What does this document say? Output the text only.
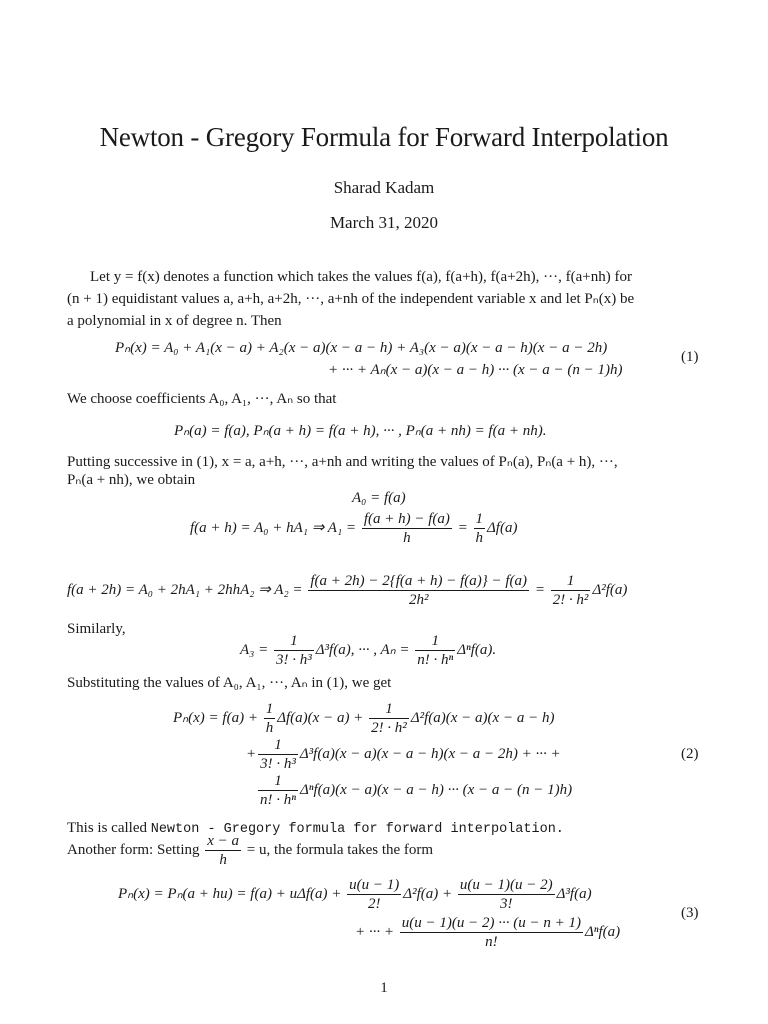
Newton - Gregory Formula for Forward Interpolation
Sharad Kadam
March 31, 2020
Let y = f(x) denotes a function which takes the values f(a), f(a+h), f(a+2h), ···, f(a+nh) for
(n + 1) equidistant values a, a+h, a+2h, ···, a+nh of the independent variable x and let Pₙ(x) be
a polynomial in x of degree n. Then
Pₙ(x) = A₀ + A₁(x − a) + A₂(x − a)(x − a − h) + A₃(x − a)(x − a − h)(x − a − 2h)
+ ··· + Aₙ(x − a)(x − a − h) ··· (x − a − (n − 1)h)
(1)
We choose coefficients A₀, A₁, ···, Aₙ so that
Pₙ(a) = f(a), Pₙ(a + h) = f(a + h), ··· , Pₙ(a + nh) = f(a + nh).
Putting successive in (1), x = a, a+h, ···, a+nh and writing the values of Pₙ(a), Pₙ(a + h), ···,
Pₙ(a + nh), we obtain
A₀ = f(a)
f(a + h) = A₀ + hA₁ ⇒ $A_1 = \frac{f(a + h) - f(a)}{h} = \frac{1}{h} \Delta f(a)$
f(a + 2h) = A₀ + 2hA₁ + 2hhA₂ ⇒ $A_2 = \frac{f(a + 2h) - 2\{f(a + h) - f(a)\} - f(a)}{\text{2h²}} = \frac{1}{\text{2! · h²}} \Delta^2f(a)$
Similarly,
$A_3 = \frac{1}{\text{3! · h³}} \Delta^3f(a)$, ··· , $A_n = \frac{1}{\text{n! · hⁿ}} \Delta^nf(a)$.
Substituting the values of A₀, A₁, ···, Aₙ in (1), we get
$P_n(x) = f(a) + \frac{1}{h} \Delta f(a)(x - a) + \frac{1}{\text{2! · h²}} \Delta^2f(a)(x - a)(x - a - h)$
+ $\frac{1}{\text{3! · h³}} \Delta^3f(a)(x - a)(x - a - h)(x - a - 2h)$ + ··· +
$\frac{1}{\text{n! · hⁿ}} \Delta^nf(a)(x - a)(x - a - h)$ ··· (x − a − (n − 1)h)
(2)
This is called Newton - Gregory formula for forward interpolation.
Another form: Setting $\frac{x - a}{h} = u$, the formula takes the form
$P_n(x) = P_n(a + hu) = f(a) + u\Delta f(a) + \frac{u(u - 1)}{2!} \Delta^2f(a) + \frac{u(u - 1)(u - 2)}{3!} \Delta^3f(a)$
+ ··· + $\frac{u(u - 1)(u - 2) \cdot\cdot\cdot (u - n + 1)}{n!} \Delta^nf(a)$
(3)
1
